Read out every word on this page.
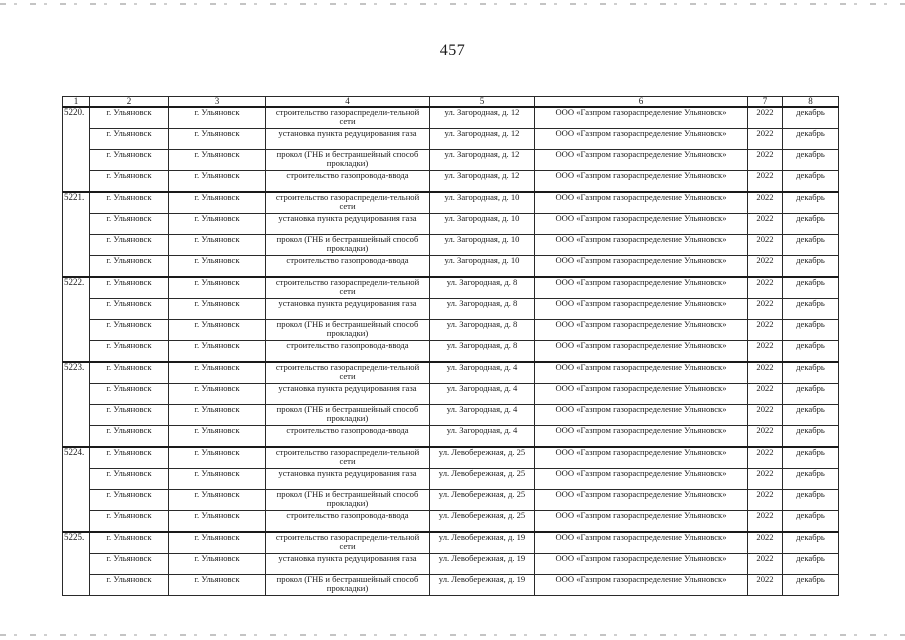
457
1	2	3	4	5	6	7	8
5220.	г. Ульяновск	г. Ульяновск	строительство газораспредели-тельной сети	ул. Загородная, д. 12	ООО «Газпром газораспределение Ульяновск»	2022	декабрь
	г. Ульяновск	г. Ульяновск	установка пункта редуцирования газа	ул. Загородная, д. 12	ООО «Газпром газораспределение Ульяновск»	2022	декабрь
	г. Ульяновск	г. Ульяновск	прокол (ГНБ и бестраншейный способ прокладки)	ул. Загородная, д. 12	ООО «Газпром газораспределение Ульяновск»	2022	декабрь
	г. Ульяновск	г. Ульяновск	строительство газопровода-ввода	ул. Загородная, д. 12	ООО «Газпром газораспределение Ульяновск»	2022	декабрь
5221.	г. Ульяновск	г. Ульяновск	строительство газораспредели-тельной сети	ул. Загородная, д. 10	ООО «Газпром газораспределение Ульяновск»	2022	декабрь
	г. Ульяновск	г. Ульяновск	установка пункта редуцирования газа	ул. Загородная, д. 10	ООО «Газпром газораспределение Ульяновск»	2022	декабрь
	г. Ульяновск	г. Ульяновск	прокол (ГНБ и бестраншейный способ прокладки)	ул. Загородная, д. 10	ООО «Газпром газораспределение Ульяновск»	2022	декабрь
	г. Ульяновск	г. Ульяновск	строительство газопровода-ввода	ул. Загородная, д. 10	ООО «Газпром газораспределение Ульяновск»	2022	декабрь
5222.	г. Ульяновск	г. Ульяновск	строительство газораспредели-тельной сети	ул. Загородная, д. 8	ООО «Газпром газораспределение Ульяновск»	2022	декабрь
	г. Ульяновск	г. Ульяновск	установка пункта редуцирования газа	ул. Загородная, д. 8	ООО «Газпром газораспределение Ульяновск»	2022	декабрь
	г. Ульяновск	г. Ульяновск	прокол (ГНБ и бестраншейный способ прокладки)	ул. Загородная, д. 8	ООО «Газпром газораспределение Ульяновск»	2022	декабрь
	г. Ульяновск	г. Ульяновск	строительство газопровода-ввода	ул. Загородная, д. 8	ООО «Газпром газораспределение Ульяновск»	2022	декабрь
5223.	г. Ульяновск	г. Ульяновск	строительство газораспредели-тельной сети	ул. Загородная, д. 4	ООО «Газпром газораспределение Ульяновск»	2022	декабрь
	г. Ульяновск	г. Ульяновск	установка пункта редуцирования газа	ул. Загородная, д. 4	ООО «Газпром газораспределение Ульяновск»	2022	декабрь
	г. Ульяновск	г. Ульяновск	прокол (ГНБ и бестраншейный способ прокладки)	ул. Загородная, д. 4	ООО «Газпром газораспределение Ульяновск»	2022	декабрь
	г. Ульяновск	г. Ульяновск	строительство газопровода-ввода	ул. Загородная, д. 4	ООО «Газпром газораспределение Ульяновск»	2022	декабрь
5224.	г. Ульяновск	г. Ульяновск	строительство газораспредели-тельной сети	ул. Левобережная, д. 25	ООО «Газпром газораспределение Ульяновск»	2022	декабрь
	г. Ульяновск	г. Ульяновск	установка пункта редуцирования газа	ул. Левобережная, д. 25	ООО «Газпром газораспределение Ульяновск»	2022	декабрь
	г. Ульяновск	г. Ульяновск	прокол (ГНБ и бестраншейный способ прокладки)	ул. Левобережная, д. 25	ООО «Газпром газораспределение Ульяновск»	2022	декабрь
	г. Ульяновск	г. Ульяновск	строительство газопровода-ввода	ул. Левобережная, д. 25	ООО «Газпром газораспределение Ульяновск»	2022	декабрь
5225.	г. Ульяновск	г. Ульяновск	строительство газораспредели-тельной сети	ул. Левобережная, д. 19	ООО «Газпром газораспределение Ульяновск»	2022	декабрь
	г. Ульяновск	г. Ульяновск	установка пункта редуцирования газа	ул. Левобережная, д. 19	ООО «Газпром газораспределение Ульяновск»	2022	декабрь
	г. Ульяновск	г. Ульяновск	прокол (ГНБ и бестраншейный способ прокладки)	ул. Левобережная, д. 19	ООО «Газпром газораспределение Ульяновск»	2022	декабрь
